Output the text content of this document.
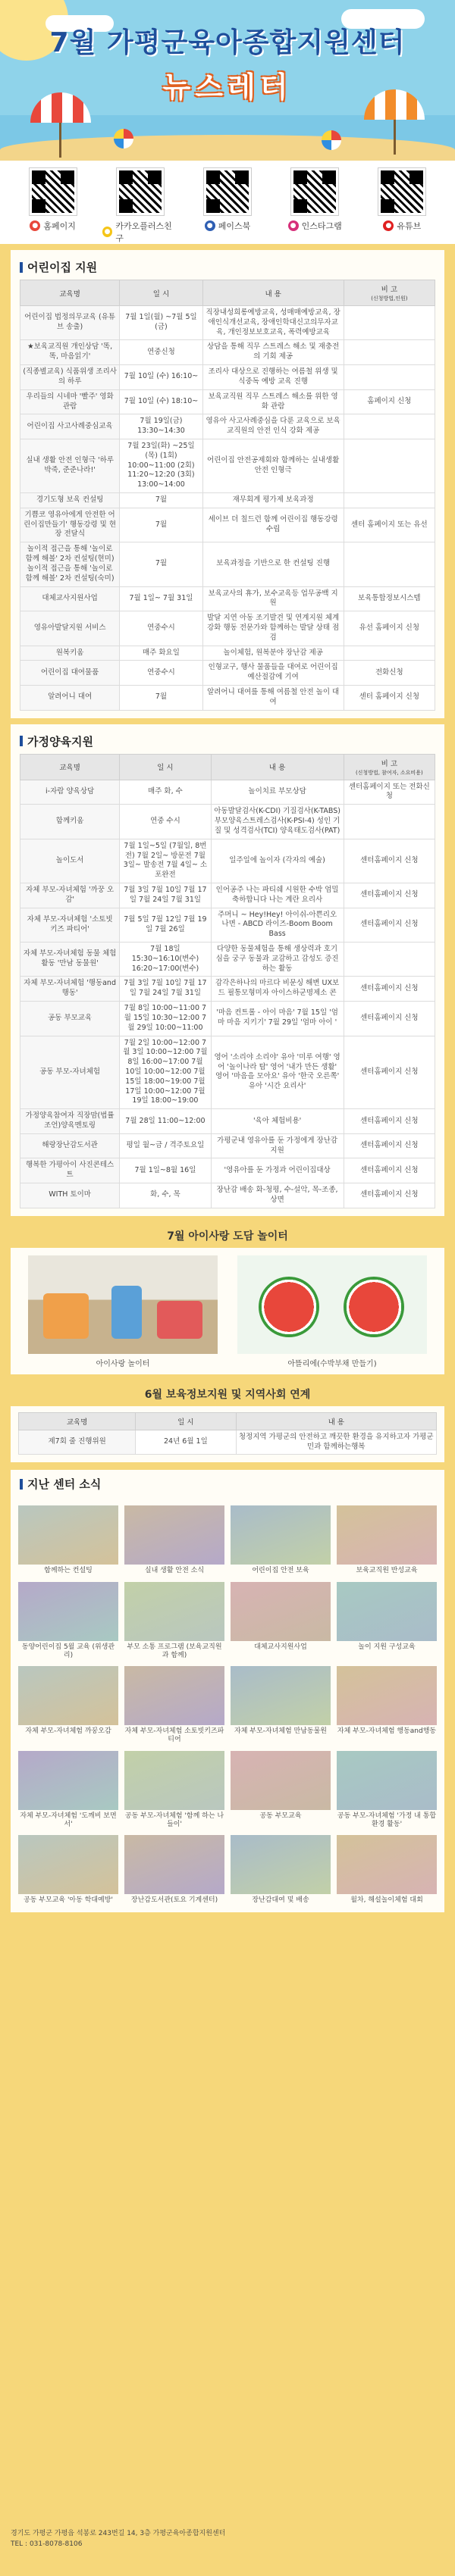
7월 가평군육아종합지원센터
뉴스레터
● 홈페이지
●
카카오플러스친구
● 페이스북	● 인스타그램	● 유튜브
어린이집 지원
교육명	일 시	내 용	비 고
(신청방법,인원)
어린이집 법정의무교육 (유튜브 송출)	7월 1일(월) ~7월 5일(금)	직장내성희롱예방교육, 성매매예방교육, 장애인식개선교육, 장애인학대신고의무자교육, 개인정보보호교육, 폭력예방교육	
★보육교직원 개인상담 '똑, 똑, 마음읽기'	연중신청	상담을 통해 직무 스트레스 해소 및 재충전의 기회 제공	
(직종별교육) 식품위생 조리사의 하루	7월 10일 (수) 16:10~	조리사 대상으로 진행하는 여름철 위생 및 식중독 예방 교육 진행	
우리들의 시네마 '빨주' 영화관람	7월 10일 (수) 18:10~	보육교직원 직무 스트레스 해소를 위한 영화 관람	홈페이지 신청
어린이집 사고사례중심교육	7월 19일(금) 13:30~14:30	영유아 사고사례중심을 다룬 교육으로 보육교직원의 안전 인식 강화 제공	
실내 생활 안전 인형극 '하루 박죽, 준준나라!'	7월 23일(화) ~25일(목) (1회) 10:00~11:00 (2회) 11:20~12:20 (3회) 13:00~14:00	어린이집 안전공제회와 함께하는 실내생활 안전 인형극	
경기도형 보육 컨설팅	7월	재무회계 평가제 보육과정	
기쁨코 영유아에게 안전한 어린이집만들기' 행동강령 및 현장 전달식	7월	세이브 더 칠드런 함께 어린이집 행동강령 수립	센터 홈페이지 또는 유선
놀이적 접근을 통해 '놀이로 함께 해볼' 2차 컨설팅(현미) 놀이적 접근을 통해 '놀이로 함께 해볼' 2차 컨설팅(숙미)	7월	보육과정을 기반으로 한 컨설팅 진행	
대체교사지원사업	7월 1일~ 7월 31일	보육교사의 휴가, 보수교육등 업무공백 지원	보육통합정보시스템
영유아발달지원 서비스	연중수시	발달 지연 아동 조기발견 및 연계지원 체계 강화 행동 전문가와 함께하는 발달 상태 점검	유선 홈페이지 신청
원복키움	매주 화요일	놀이체험, 원복분야 장난감 제공	
어린이집 대여물품	연중수시	인형교구, 행사 물품들을 대여로 어린이집 예산절감에 기여	전화신청
알려어니 대여	7월	알려어니 대여를 통해 여름철 안전 놀이 대여	센터 홈페이지 신청
가정양육지원
교육명	일 시	내 용	비 고
(신청방법, 참여자, 소요비용)
i-자람 양육상담	매주 화, 수	놀이치료 부모상담	센터홈페이지 또는 전화신청
함께키움	연중 수시	아동발달검사(K-CDI) 기질검사(K-TABS) 부모양육스트레스검사(K-PSI-4) 성인 기질 및 성격검사(TCI) 양육태도검사(PAT)	
놀이도서	7월 1일~5일 (7월일, 8번전) 7월 2일~ 방문전 7월 3일~ 발송전 7월 4일~ 소포완전	일주일에 놀이자 (각자의 예술)	센터홈페이지 신청
자체 부모-자녀체험 '까꿍 오감'	7월 3일 7월 10일 7월 17일 7월 24일 7월 31일	인어공주 나는 파티쉐 시원한 수박 엄밀 축하합니다 나는 계란 요리사	센터홈페이지 신청
자체 부모-자녀체험 '소토빗 키즈 파티어'	7월 5일 7월 12일 7월 19일 7월 26일	주머니 ~ Hey!Hey! 아이쉬-아쁜리오 나면 - ABCD 라이즈-Boom Boom Bass	센터홈페이지 신청
자체 부모-자녀체험 동물 체험활동 '만남 동물원'	7월 18일 15:30~16:10(변수) 16:20~17:00(변수)	다양한 동물체험을 통해 생상력과 호기심을 궁구 동물과 교감하고 감성도 증진하는 활동	
자체 부모-자녀체험 '행동and행동'	7월 3일 7월 10일 7월 17일 7월 24일 7월 31일	감각은하나의 마르다 비문싱 해변 UX보드 필통모형미자 아이스하군명제소 콘	센터홈페이지 신청
공동 부모교육	7월 8일 10:00~11:00 7월 15일 10:30~12:00 7월 29일 10:00~11:00	'마음 컨트롤 - 아이 마음' 7월 15일 '엄마 마음 지키기' 7월 29일 '엄마 아이 '	센터홈페이지 신청
공동 부모-자녀체험	7월 2일 10:00~12:00 7월 3일 10:00~12:00 7월 8일 16:00~17:00 7월 10일 10:00~12:00 7월 15일 18:00~19:00 7월 17일 10:00~12:00 7월 19일 18:00~19:00	영어 '소리야 소리야' 유아 '미루 여행' 영어 '놀이나라 탐' 영어 '내가 만든 생활' 영어 '마음을 모아요' 유아 '한국 오른쪽' 유아 '시간 요리사'	센터홈페이지 신청
가정양육참여자 직장맘(법률조언)양육멘토링	7월 28일 11:00~12:00	'육아 체험비용'	센터홈페이지 신청
해랑장난감도서관	평일 월~금 / 격주토요일	가평군내 영유아를 둔 가정에게 장난감 지원	센터홈페이지 신청
행복한 가평아이 사진콘테스트	7월 1일~8월 16일	'영유아를 둔 가정과 어린이집대상	센터홈페이지 신청
WITH 토이마	화, 수, 목	장난감 배송 화-청평, 수-설악, 목-조종,상면	센터홈페이지 신청
7월 아이사랑 도담 놀이터
아이사랑 놀이터	아뜰리에(수박부채 만들기)
6월 보육정보지원 및 지역사회 연계
교육명	일 시	내 용
제7회 줄 진행위원	24년 6월 1일	청정지역 가평군의 안전하고 깨끗한 환경을 유지하고자 가평군민과 함께하는행복
지난 센터 소식
함께하는 컨설팅	실내 생활 안전 소식	어린이집 안전 보육	보육교직원 반성교육
동양어린이집 5월 교육 (위생관리)
부모 소통 프로그램 (보육교직원과 함께)
대체교사지원사업	놀이 지원 구성교육
자체 부모-자녀체험 까꿍오감	자체 부모-자녀체험 소토빗키즈파티어
자체 부모-자녀체험 만남동물원	자체 부모-자녀체험 행동and행동
자체 부모-자녀체험 '도깨비 보면서'
공동 부모-자녀체험 '함께 하는 나들이'
공동 부모교육	공동 부모-자녀체험 '가정 내 통합 환경 활동'
공동 부모교육 '아동 학대예방'	장난감도서관(토요 기계센터)	장난감대여 및 배송	월차, 해설놀이체험 대회
경기도 가평군 가평읍 석봉로 243번길 14, 3층 가평군육아종합지원센터
TEL : 031-8078-8106
